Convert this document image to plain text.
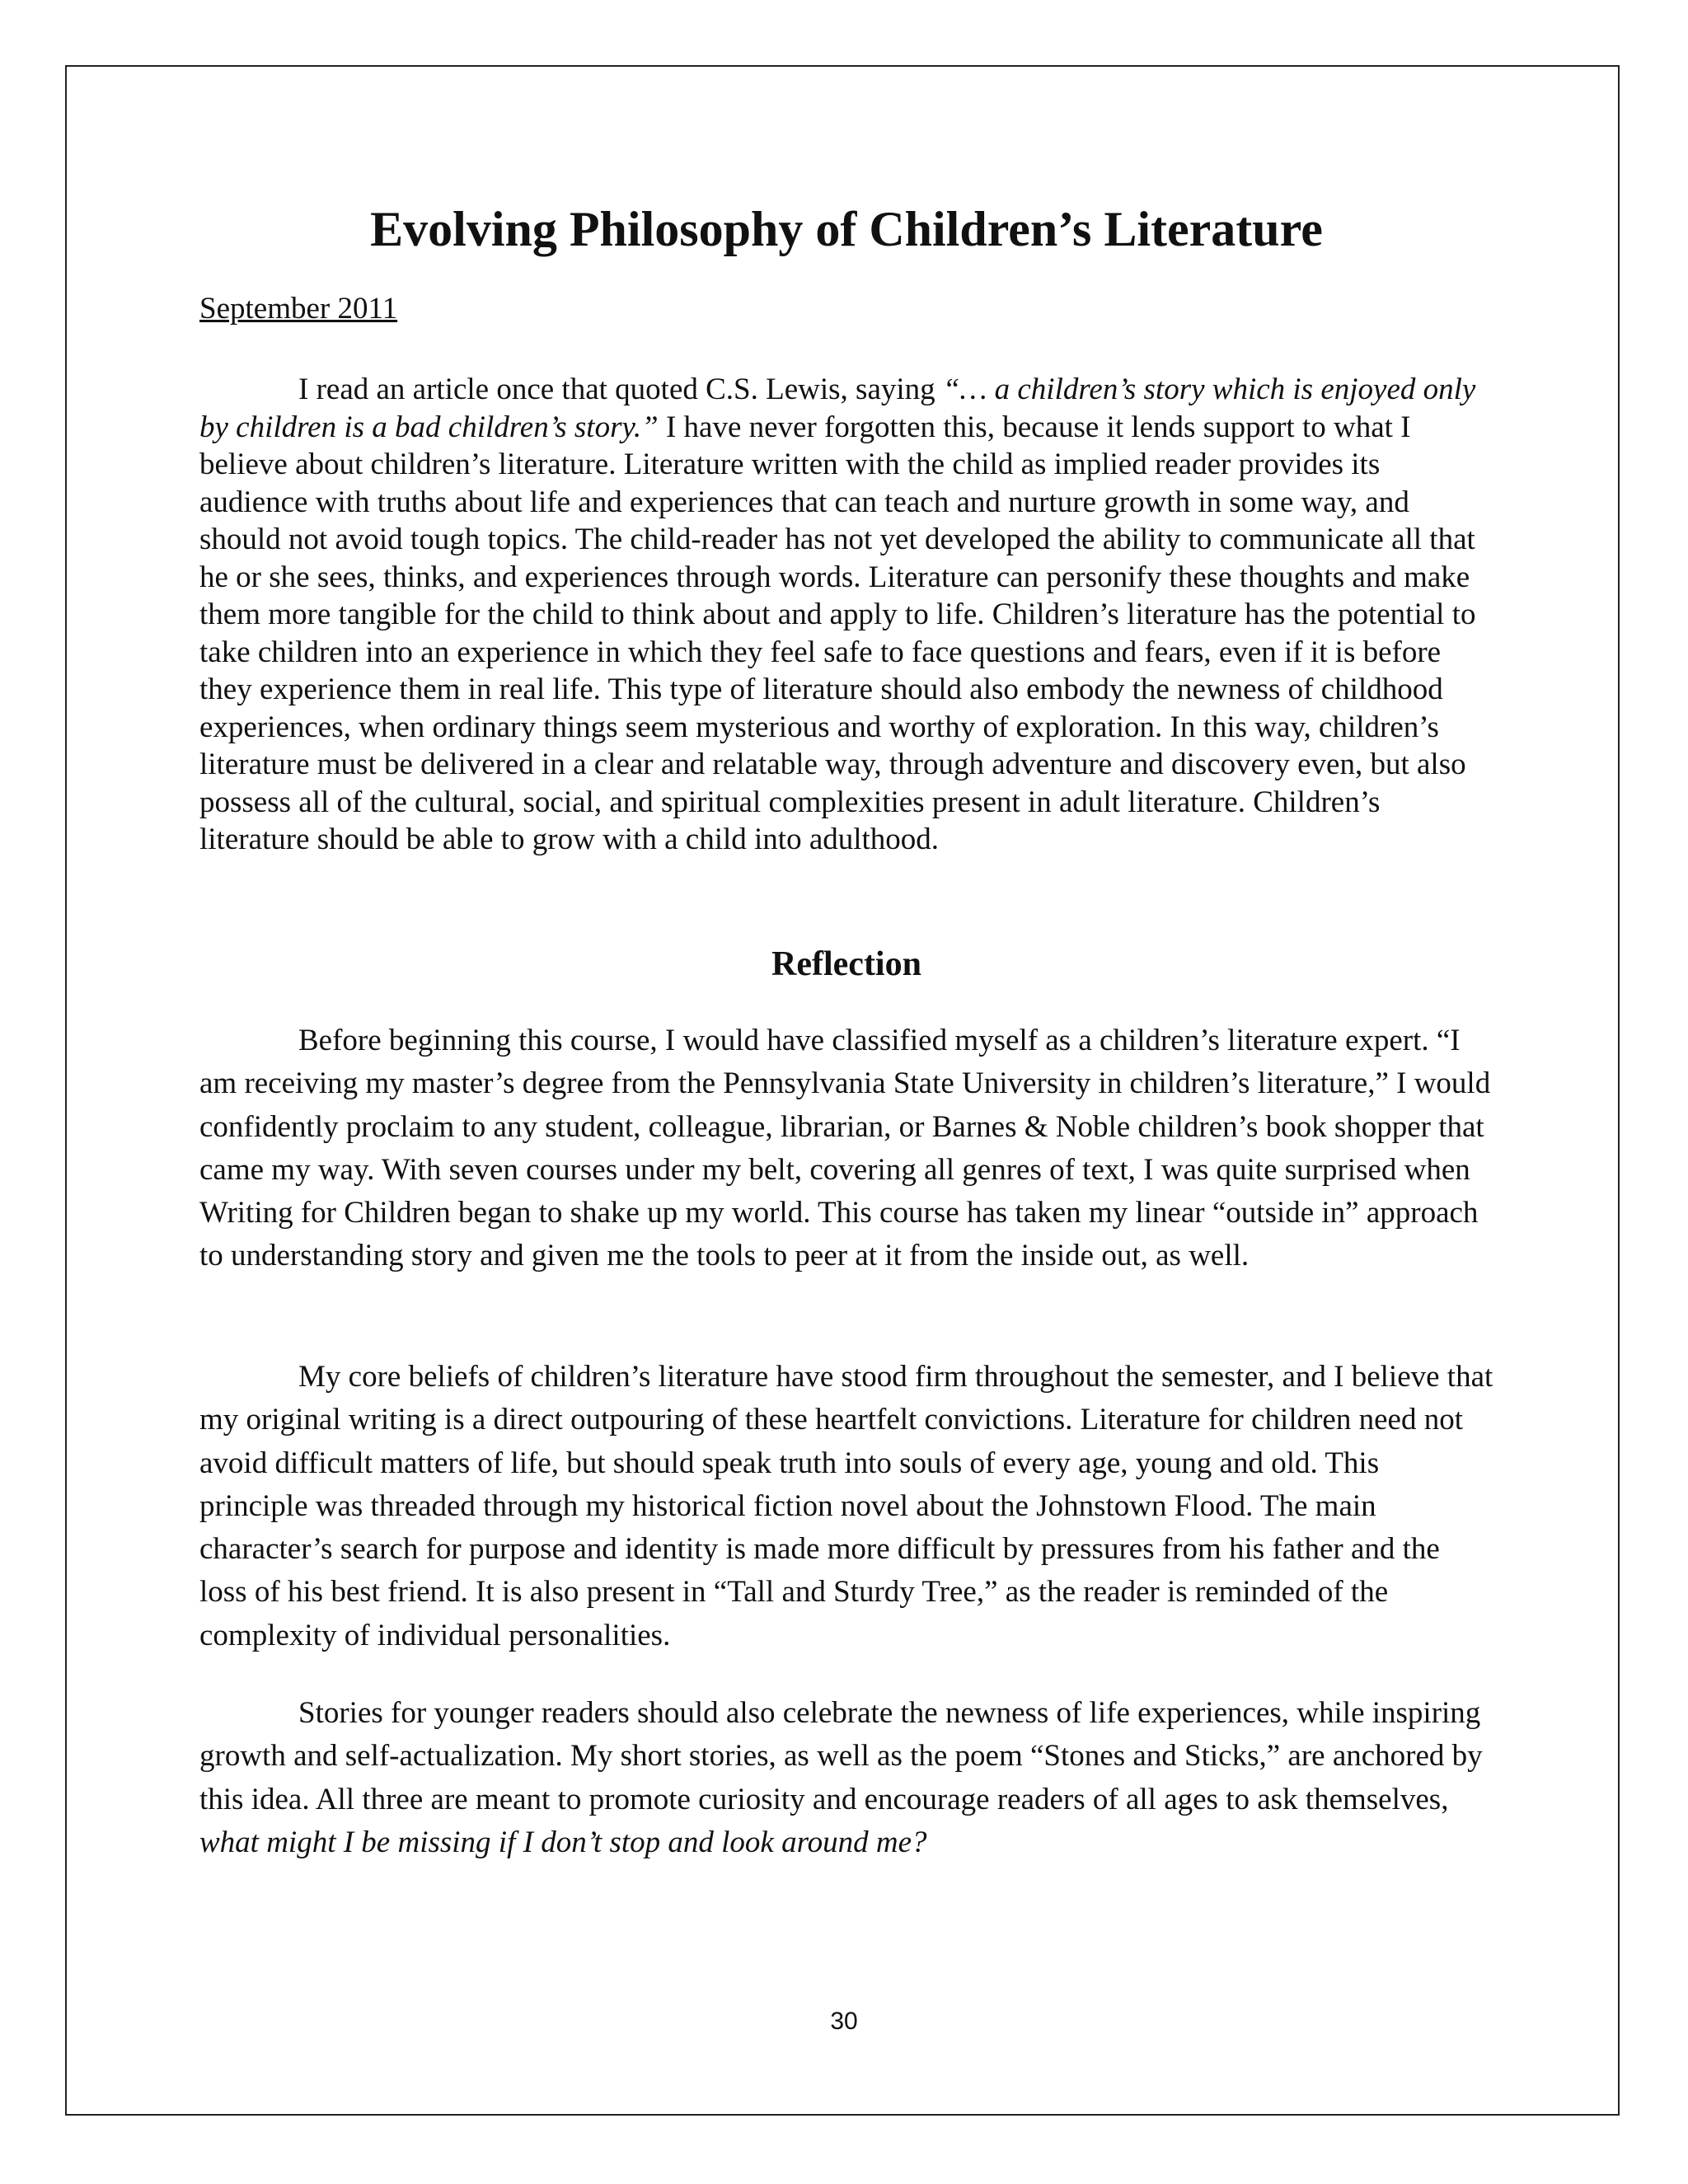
Evolving Philosophy of Children’s Literature

September 2011

I read an article once that quoted C.S. Lewis, saying “… a children’s story which is enjoyed only by children is a bad children’s story.” I have never forgotten this, because it lends support to what I believe about children’s literature. Literature written with the child as implied reader provides its audience with truths about life and experiences that can teach and nurture growth in some way, and should not avoid tough topics. The child-reader has not yet developed the ability to communicate all that he or she sees, thinks, and experiences through words. Literature can personify these thoughts and make them more tangible for the child to think about and apply to life. Children’s literature has the potential to take children into an experience in which they feel safe to face questions and fears, even if it is before they experience them in real life. This type of literature should also embody the newness of childhood experiences, when ordinary things seem mysterious and worthy of exploration. In this way, children’s literature must be delivered in a clear and relatable way, through adventure and discovery even, but also possess all of the cultural, social, and spiritual complexities present in adult literature. Children’s literature should be able to grow with a child into adulthood.

Reflection

Before beginning this course, I would have classified myself as a children’s literature expert. “I am receiving my master’s degree from the Pennsylvania State University in children’s literature,” I would confidently proclaim to any student, colleague, librarian, or Barnes & Noble children’s book shopper that came my way. With seven courses under my belt, covering all genres of text, I was quite surprised when Writing for Children began to shake up my world. This course has taken my linear “outside in” approach to understanding story and given me the tools to peer at it from the inside out, as well.

My core beliefs of children’s literature have stood firm throughout the semester, and I believe that my original writing is a direct outpouring of these heartfelt convictions. Literature for children need not avoid difficult matters of life, but should speak truth into souls of every age, young and old. This principle was threaded through my historical fiction novel about the Johnstown Flood. The main character’s search for purpose and identity is made more difficult by pressures from his father and the loss of his best friend. It is also present in “Tall and Sturdy Tree,” as the reader is reminded of the complexity of individual personalities.

Stories for younger readers should also celebrate the newness of life experiences, while inspiring growth and self-actualization. My short stories, as well as the poem “Stones and Sticks,” are anchored by this idea. All three are meant to promote curiosity and encourage readers of all ages to ask themselves, what might I be missing if I don’t stop and look around me?

30
